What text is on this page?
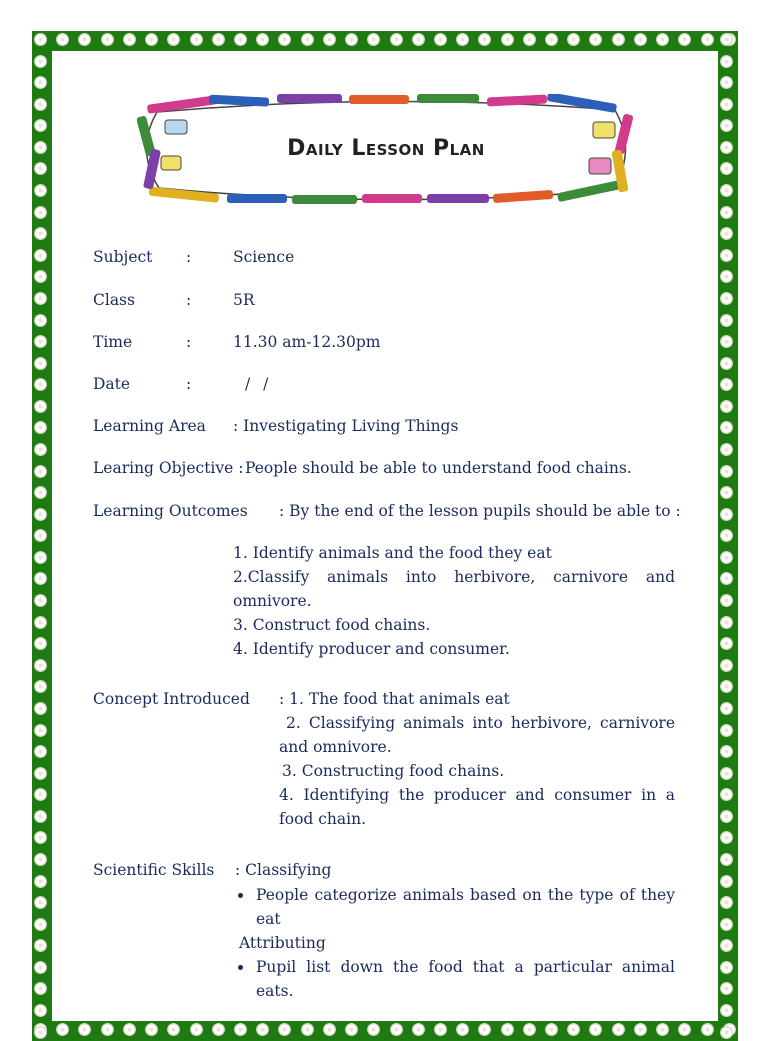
Daily Lesson Plan
Subject :	Science
Class	:	5R
Time	:	11.30 am-12.30pm
Date	:	/ /
Learning Area : Investigating Living Things
Learing Objective : People should be able to understand food chains.
Learning Outcomes : By the end of the lesson pupils should be able to :
1. Identify animals and the food they eat
2.Classify animals into herbivore, carnivore and omnivore.
3. Construct food chains.
4. Identify producer and consumer.
Concept Introduced : 1. The food that animals eat
2. Classifying animals into herbivore, carnivore and omnivore.
3. Constructing food chains.
4. Identifying the producer and consumer in a food chain.
Scientific Skills : Classifying
People categorize animals based on the type of they eat
Attributing
Pupil list down the food that a particular animal eats.
